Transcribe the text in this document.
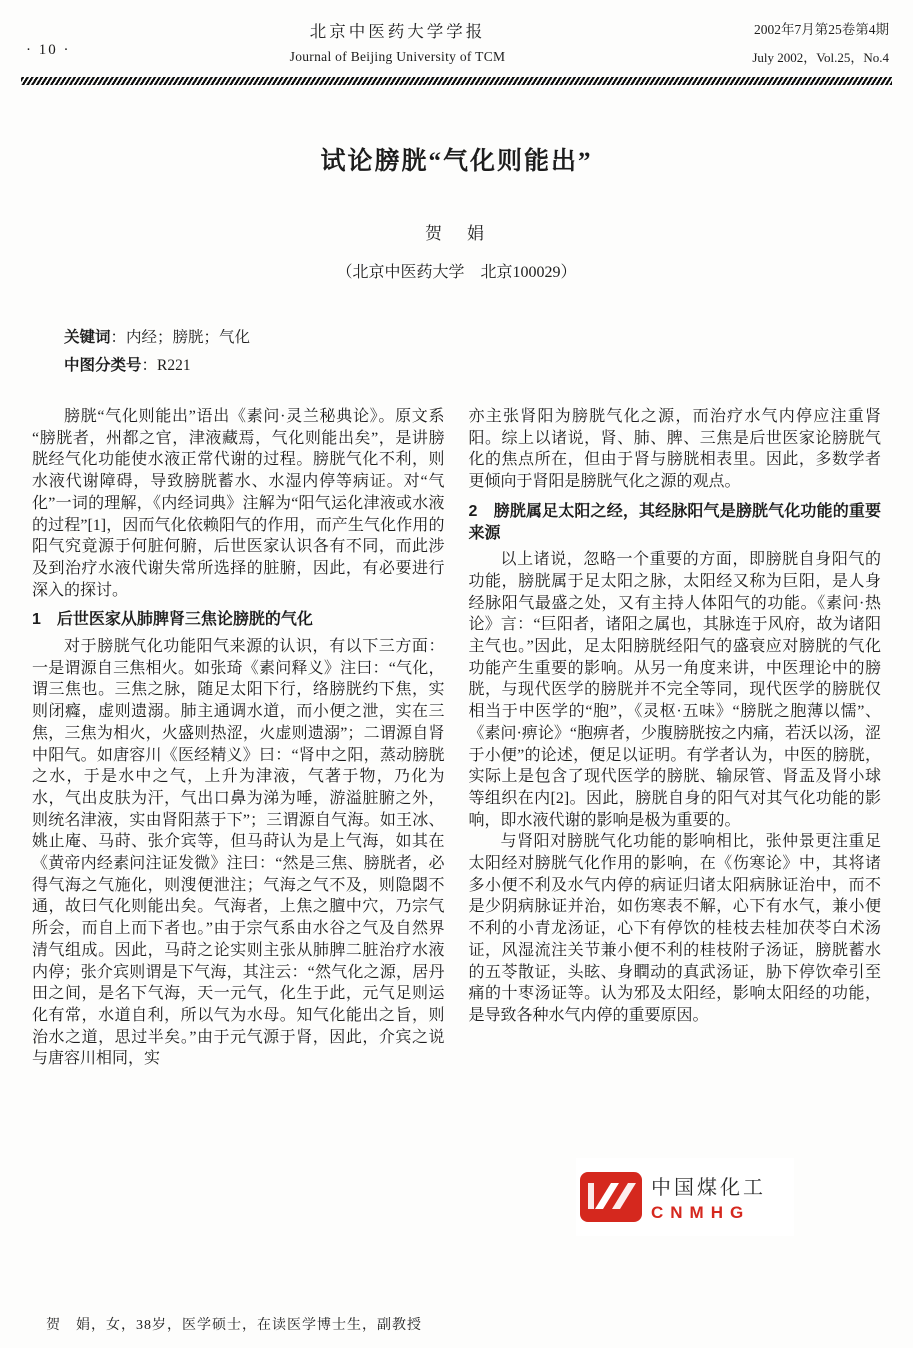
· 10 ·
北京中医药大学学报
Journal of Beijing University of TCM
2002年7月第25卷第4期
July 2002，Vol.25，No.4
试论膀胱“气化则能出”
贺　娟
（北京中医药大学　北京100029）
关键词：内经；膀胱；气化
中图分类号：R221

膀胱“气化则能出”语出《素问·灵兰秘典论》。原文系“膀胱者，州都之官，津液藏焉，气化则能出矣”，是讲膀胱经气化功能使水液正常代谢的过程。膀胱气化不利，则水液代谢障碍，导致膀胱蓄水、水湿内停等病证。对“气化”一词的理解，《内经词典》注解为“阳气运化津液或水液的过程”[1]，因而气化依赖阳气的作用，而产生气化作用的阳气究竟源于何脏何腑，后世医家认识各有不同，而此涉及到治疗水液代谢失常所选择的脏腑，因此，有必要进行深入的探讨。

1　后世医家从肺脾肾三焦论膀胱的气化

对于膀胱气化功能阳气来源的认识，有以下三方面：一是谓源自三焦相火。如张琦《素问释义》注曰：“气化，谓三焦也。三焦之脉，随足太阳下行，络膀胱约下焦，实则闭癃，虚则遗溺。肺主通调水道，而小便之泄，实在三焦，三焦为相火，火盛则热涩，火虚则遗溺”；二谓源自肾中阳气。如唐容川《医经精义》曰：“肾中之阳，蒸动膀胱之水，于是水中之气，上升为津液，气著于物，乃化为水，气出皮肤为汗，气出口鼻为涕为唾，游溢脏腑之外，则统名津液，实由肾阳蒸于下”；三谓源自气海。如王冰、姚止庵、马莳、张介宾等，但马莳认为是上气海，如其在《黄帝内经素问注证发微》注曰：“然是三焦、膀胱者，必得气海之气施化，则溲便泄注；气海之气不及，则隐閟不通，故曰气化则能出矣。气海者，上焦之膻中穴，乃宗气所会，而自上而下者也。”由于宗气系由水谷之气及自然界清气组成。因此，马莳之论实则主张从肺脾二脏治疗水液内停；张介宾则谓是下气海，其注云：“然气化之源，居丹田之间，是名下气海，天一元气，化生于此，元气足则运化有常，水道自利，所以气为水母。知气化能出之旨，则治水之道，思过半矣。”由于元气源于肾，因此，介宾之说与唐容川相同，实

亦主张肾阳为膀胱气化之源，而治疗水气内停应注重肾阳。综上以诸说，肾、肺、脾、三焦是后世医家论膀胱气化的焦点所在，但由于肾与膀胱相表里。因此，多数学者更倾向于肾阳是膀胱气化之源的观点。

2　膀胱属足太阳之经，其经脉阳气是膀胱气化功能的重要来源

以上诸说，忽略一个重要的方面，即膀胱自身阳气的功能，膀胱属于足太阳之脉，太阳经又称为巨阳，是人身经脉阳气最盛之处，又有主持人体阳气的功能。《素问·热论》言：“巨阳者，诸阳之属也，其脉连于风府，故为诸阳主气也。”因此，足太阳膀胱经阳气的盛衰应对膀胱的气化功能产生重要的影响。从另一角度来讲，中医理论中的膀胱，与现代医学的膀胱并不完全等同，现代医学的膀胱仅相当于中医学的“胞”，《灵枢·五味》“膀胱之胞薄以懦”、《素问·痹论》“胞痹者，少腹膀胱按之内痛，若沃以汤，涩于小便”的论述，便足以证明。有学者认为，中医的膀胱，实际上是包含了现代医学的膀胱、输尿管、肾盂及肾小球等组织在内[2]。因此，膀胱自身的阳气对其气化功能的影响，即水液代谢的影响是极为重要的。

与肾阳对膀胱气化功能的影响相比，张仲景更注重足太阳经对膀胱气化作用的影响，在《伤寒论》中，其将诸多小便不利及水气内停的病证归诸太阳病脉证治中，而不是少阴病脉证并治，如伤寒表不解，心下有水气，兼小便不利的小青龙汤证，心下有停饮的桂枝去桂加茯苓白术汤证，风湿流注关节兼小便不利的桂枝附子汤证，膀胱蓄水的五苓散证，头眩、身瞤动的真武汤证，胁下停饮牵引至痛的十枣汤证等。认为邪及太阳经，影响太阳经的功能，是导致各种水气内停的重要原因。

中国煤化工
CNMHG
贺　娟，女，38岁，医学硕士，在读医学博士生，副教授
